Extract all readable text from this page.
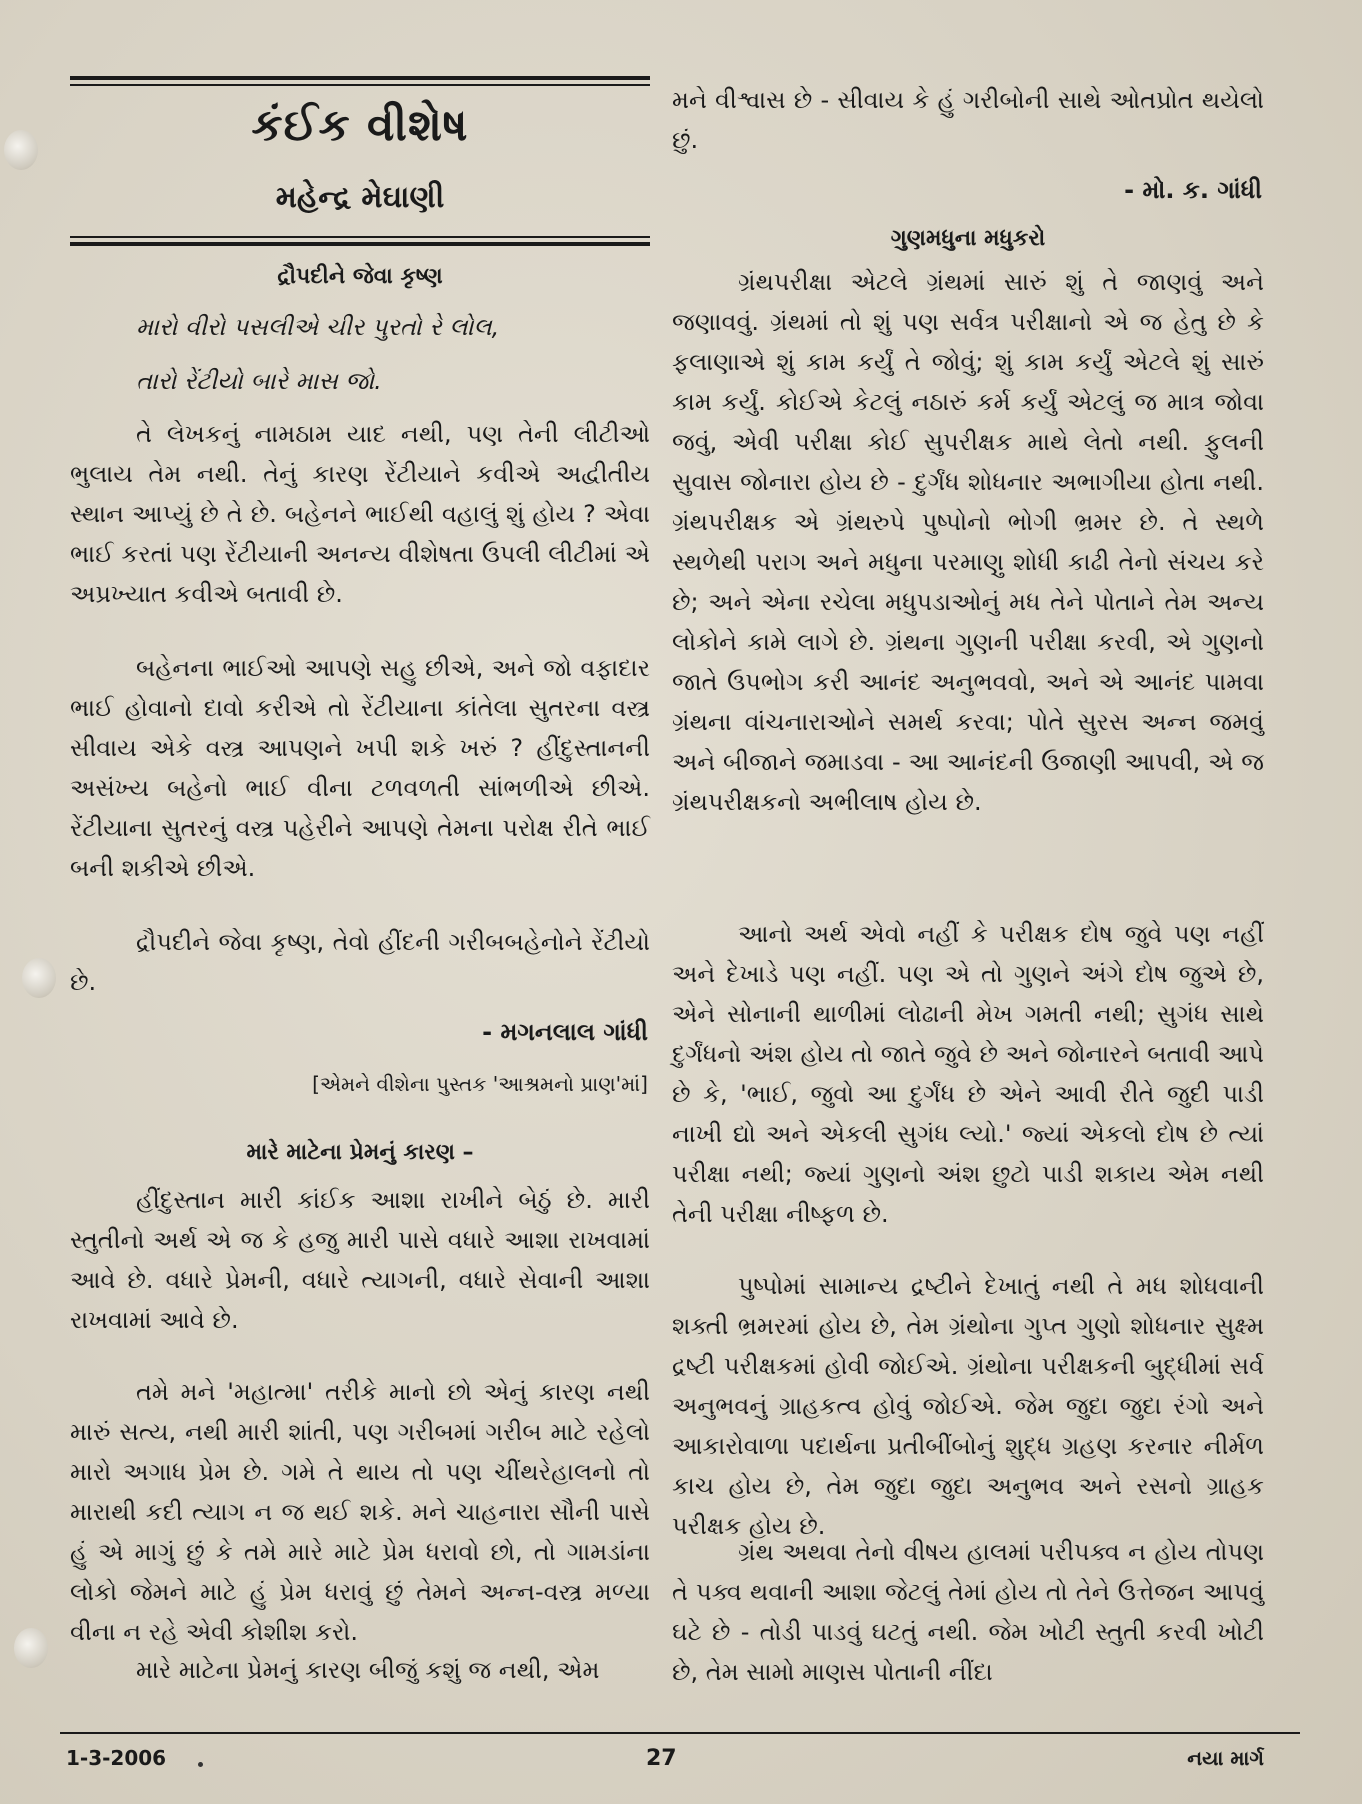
કંઈક વીશેષ
મહેન્દ્ર મેઘાણી
દ્રૌપદીને જેવા કૃષ્ણ
મારો વીરો પસલીએ ચીર પુરતો રે લોલ,
તારો રેંટીયો બારે માસ જો.
તે લેખકનું નામઠામ યાદ નથી, પણ તેની લીટીઓ ભુલાય તેમ નથી. તેનું કારણ રેંટીયાને કવીએ અદ્વીતીય સ્થાન આપ્યું છે તે છે. બહેનને ભાઈથી વહાલું શું હોય ? એવા ભાઈ કરતાં પણ રેંટીયાની અનન્ય વીશેષતા ઉપલી લીટીમાં એ અપ્રખ્યાત કવીએ બતાવી છે.
બહેનના ભાઈઓ આપણે સહુ છીએ, અને જો વફાદાર ભાઈ હોવાનો દાવો કરીએ તો રેંટીયાના કાંતેલા સુતરના વસ્ત્ર સીવાય એકે વસ્ત્ર આપણને ખપી શકે ખરું ? હીંદુસ્તાનની અસંખ્ય બહેનો ભાઈ વીના ટળવળતી સાંભળીએ છીએ. રેંટીયાના સુતરનું વસ્ત્ર પહેરીને આપણે તેમના પરોક્ષ રીતે ભાઈ બની શકીએ છીએ.
દ્રૌપદીને જેવા કૃષ્ણ, તેવો હીંદની ગરીબબહેનોને રેંટીયો છે.
- મગનલાલ ગાંધી
[એમને વીશેના પુસ્તક 'આશ્રમનો પ્રાણ'માં]
મારે માટેના પ્રેમનું કારણ –
હીંદુસ્તાન મારી કાંઈક આશા રાખીને બેઠું છે. મારી સ્તુતીનો અર્થ એ જ કે હજુ મારી પાસે વધારે આશા રાખવામાં આવે છે. વધારે પ્રેમની, વધારે ત્યાગની, વધારે સેવાની આશા રાખવામાં આવે છે.
તમે મને 'મહાત્મા' તરીકે માનો છો એનું કારણ નથી મારું સત્ય, નથી મારી શાંતી, પણ ગરીબમાં ગરીબ માટે રહેલો મારો અગાધ પ્રેમ છે. ગમે તે થાય તો પણ ચીંથરેહાલનો તો મારાથી કદી ત્યાગ ન જ થઈ શકે. મને ચાહનારા સૌની પાસે હું એ માગું છું કે તમે મારે માટે પ્રેમ ધરાવો છો, તો ગામડાંના લોકો જેમને માટે હું પ્રેમ ધરાવું છું તેમને અન્ન-વસ્ત્ર મળ્યા વીના ન રહે એવી કોશીશ કરો.
મારે માટેના પ્રેમનું કારણ બીજું કશું જ નથી, એમ
મને વીશ્વાસ છે - સીવાય કે હું ગરીબોની સાથે ઓતપ્રોત થયેલો છું.
- મો. ક. ગાંધી
ગુણમધુના મધુકરો
ગ્રંથપરીક્ષા એટલે ગ્રંથમાં સારું શું તે જાણવું અને જણાવવું. ગ્રંથમાં તો શું પણ સર્વત્ર પરીક્ષાનો એ જ હેતુ છે કે ફલાણાએ શું કામ કર્યું તે જોવું; શું કામ કર્યું એટલે શું સારું કામ કર્યું. કોઈએ કેટલું નઠારું કર્મ કર્યું એટલું જ માત્ર જોવા જવું, એવી પરીક્ષા કોઈ સુપરીક્ષક માથે લેતો નથી. ફુલની સુવાસ જોનારા હોય છે - દુર્ગંધ શોધનાર અભાગીયા હોતા નથી. ગ્રંથપરીક્ષક એ ગ્રંથરુપે પુષ્પોનો ભોગી ભ્રમર છે. તે સ્થળે સ્થળેથી પરાગ અને મધુના પરમાણુ શોધી કાઢી તેનો સંચય કરે છે; અને એના રચેલા મધુપડાઓનું મધ તેને પોતાને તેમ અન્ય લોકોને કામે લાગે છે. ગ્રંથના ગુણની પરીક્ષા કરવી, એ ગુણનો જાતે ઉપભોગ કરી આનંદ અનુભવવો, અને એ આનંદ પામવા ગ્રંથના વાંચનારાઓને સમર્થ કરવા; પોતે સુરસ અન્ન જમવું અને બીજાને જમાડવા - આ આનંદની ઉજાણી આપવી, એ જ ગ્રંથપરીક્ષકનો અભીલાષ હોય છે.
આનો અર્થ એવો નહીં કે પરીક્ષક દોષ જુવે પણ નહીં અને દેખાડે પણ નહીં. પણ એ તો ગુણને અંગે દોષ જુએ છે, એને સોનાની થાળીમાં લોઢાની મેખ ગમતી નથી; સુગંધ સાથે દુર્ગંધનો અંશ હોય તો જાતે જુવે છે અને જોનારને બતાવી આપે છે કે, 'ભાઈ, જુવો આ દુર્ગંધ છે એને આવી રીતે જુદી પાડી નાખી દ્યો અને એકલી સુગંધ લ્યો.' જ્યાં એકલો દોષ છે ત્યાં પરીક્ષા નથી; જ્યાં ગુણનો અંશ છુટો પાડી શકાય એમ નથી તેની પરીક્ષા નીષ્ફળ છે.
પુષ્પોમાં સામાન્ય દ્રષ્ટીને દેખાતું નથી તે મધ શોધવાની શક્તી ભ્રમરમાં હોય છે, તેમ ગ્રંથોના ગુપ્ત ગુણો શોધનાર સુક્ષ્મ દ્રષ્ટી પરીક્ષકમાં હોવી જોઈએ. ગ્રંથોના પરીક્ષકની બુદ્ધીમાં સર્વ અનુભવનું ગ્રાહકત્વ હોવું જોઈએ. જેમ જુદા જુદા રંગો અને આકારોવાળા પદાર્થના પ્રતીબીંબોનું શુદ્ધ ગ્રહણ કરનાર નીર્મળ કાચ હોય છે, તેમ જુદા જુદા અનુભવ અને રસનો ગ્રાહક પરીક્ષક હોય છે.
ગ્રંથ અથવા તેનો વીષય હાલમાં પરીપક્વ ન હોય તોપણ તે પક્વ થવાની આશા જેટલું તેમાં હોય તો તેને ઉત્તેજન આપવું ઘટે છે - તોડી પાડવું ઘટતું નથી. જેમ ખોટી સ્તુતી કરવી ખોટી છે, તેમ સામો માણસ પોતાની નીંદા
1-3-2006	27	નયા માર્ગ
